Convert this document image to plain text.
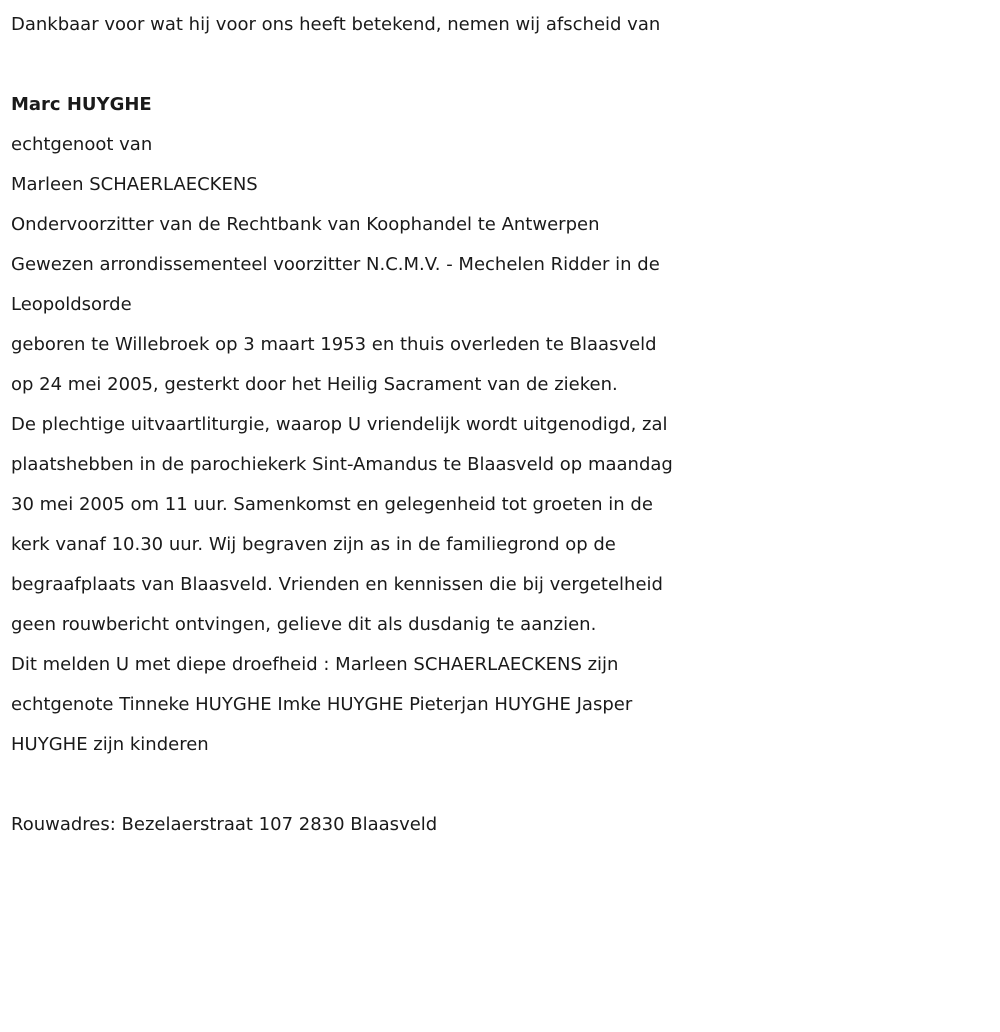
Dankbaar voor wat hij voor ons heeft betekend, nemen wij afscheid van

Marc HUYGHE

echtgenoot van

Marleen SCHAERLAECKENS

Ondervoorzitter van de Rechtbank van Koophandel te Antwerpen
Gewezen arrondissementeel voorzitter N.C.M.V. - Mechelen Ridder in de
Leopoldsorde
geboren te Willebroek op 3 maart 1953 en thuis overleden te Blaasveld
op 24 mei 2005, gesterkt door het Heilig Sacrament van de zieken.
De plechtige uitvaartliturgie, waarop U vriendelijk wordt uitgenodigd, zal
plaatshebben in de parochiekerk Sint-Amandus te Blaasveld op maandag
30 mei 2005 om 11 uur. Samenkomst en gelegenheid tot groeten in de
kerk vanaf 10.30 uur. Wij begraven zijn as in de familiegrond op de
begraafplaats van Blaasveld. Vrienden en kennissen die bij vergetelheid
geen rouwbericht ontvingen, gelieve dit als dusdanig te aanzien.
Dit melden U met diepe droefheid : Marleen SCHAERLAECKENS zijn
echtgenote Tinneke HUYGHE Imke HUYGHE Pieterjan HUYGHE Jasper
HUYGHE zijn kinderen

Rouwadres: Bezelaerstraat 107 2830 Blaasveld
